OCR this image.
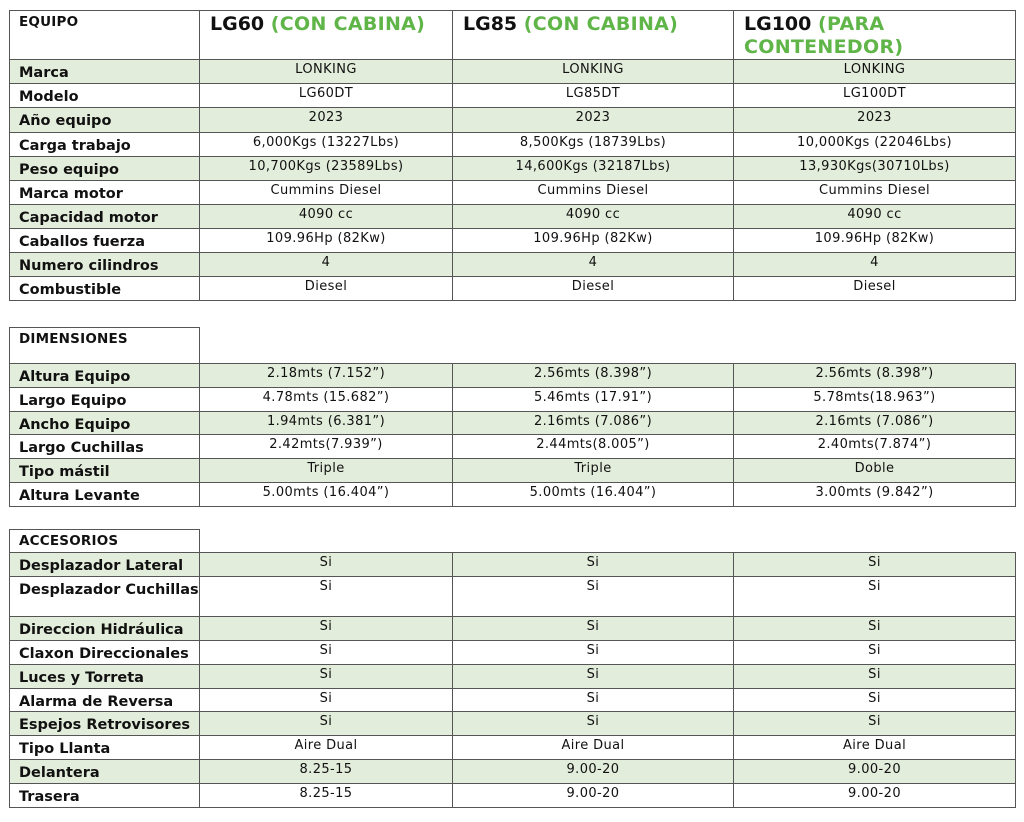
EQUIPO	LG60 (CON CABINA)	LG85 (CON CABINA)	LG100 (PARA CONTENEDOR)
Marca	LONKING	LONKING	LONKING
Modelo	LG60DT	LG85DT	LG100DT
Año equipo	2023	2023	2023
Carga trabajo	6,000Kgs (13227Lbs)	8,500Kgs (18739Lbs)	10,000Kgs (22046Lbs)
Peso equipo	10,700Kgs (23589Lbs)	14,600Kgs (32187Lbs)	13,930Kgs(30710Lbs)
Marca motor	Cummins Diesel	Cummins Diesel	Cummins Diesel
Capacidad motor	4090 cc	4090 cc	4090 cc
Caballos fuerza	109.96Hp (82Kw)	109.96Hp (82Kw)	109.96Hp (82Kw)
Numero cilindros	4	4	4
Combustible	Diesel	Diesel	Diesel
DIMENSIONES			
Altura Equipo	2.18mts (7.152”)	2.56mts (8.398”)	2.56mts (8.398”)
Largo Equipo	4.78mts (15.682”)	5.46mts (17.91”)	5.78mts(18.963”)
Ancho Equipo	1.94mts (6.381”)	2.16mts (7.086”)	2.16mts (7.086”)
Largo Cuchillas	2.42mts(7.939”)	2.44mts(8.005”)	2.40mts(7.874”)
Tipo mástil	Triple	Triple	Doble
Altura Levante	5.00mts (16.404”)	5.00mts (16.404”)	3.00mts (9.842”)
ACCESORIOS			
Desplazador Lateral	Si	Si	Si
Desplazador Cuchillas	Si	Si	Si
Direccion Hidráulica	Si	Si	Si
Claxon Direccionales	Si	Si	Si
Luces y Torreta	Si	Si	Si
Alarma de Reversa	Si	Si	Si
Espejos Retrovisores	Si	Si	Si
Tipo Llanta	Aire Dual	Aire Dual	Aire Dual
Delantera	8.25-15	9.00-20	9.00-20
Trasera	8.25-15	9.00-20	9.00-20
